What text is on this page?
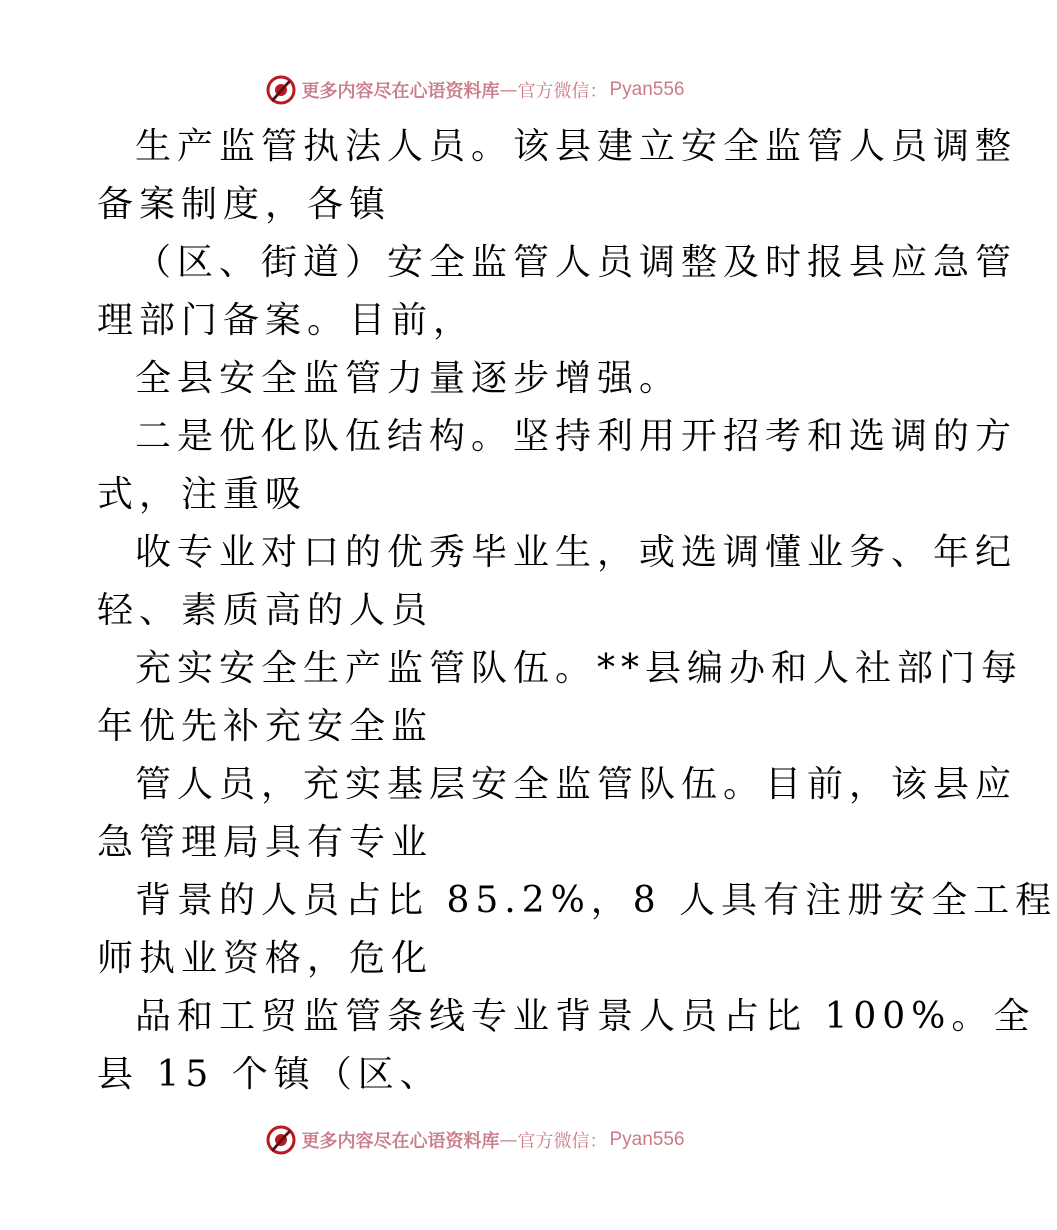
更多内容尽在心语资料库 — 官方微信： Pyan556
生产监管执法人员。该县建立安全监管人员调整
备案制度，各镇
（区、街道）安全监管人员调整及时报县应急管
理部门备案。目前，
全县安全监管力量逐步增强。
二是优化队伍结构。坚持利用开招考和选调的方
式，注重吸
收专业对口的优秀毕业生，或选调懂业务、年纪
轻、素质高的人员
充实安全生产监管队伍。**县编办和人社部门每
年优先补充安全监
管人员，充实基层安全监管队伍。目前，该县应
急管理局具有专业
背景的人员占比 85.2%，8 人具有注册安全工程
师执业资格，危化
品和工贸监管条线专业背景人员占比 100%。全
县 15 个镇（区、
更多内容尽在心语资料库 — 官方微信： Pyan556
